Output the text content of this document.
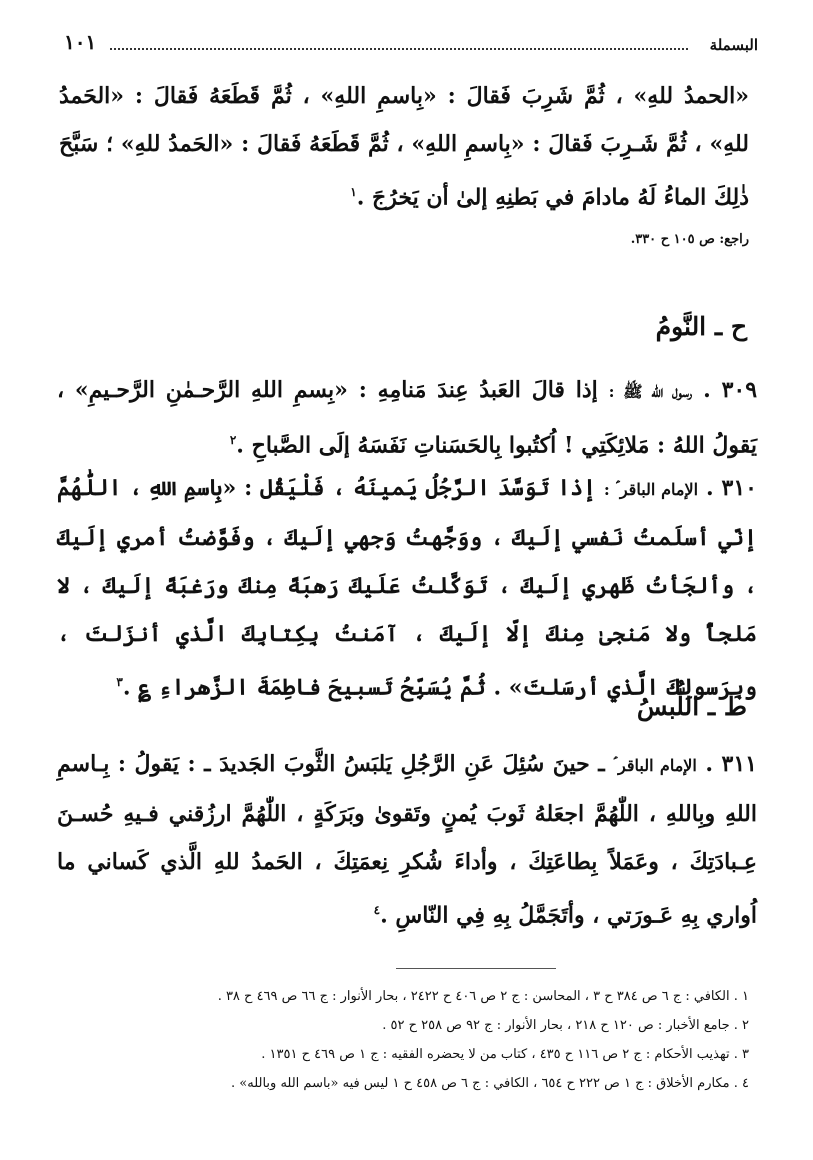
البسملة
١٠١
«الحمدُ للهِ» ، ثُمَّ شَرِبَ فَقالَ : «بِاسمِ اللهِ» ، ثُمَّ قَطَعَهُ فَقالَ : «الحَمدُ للهِ» ، ثُمَّ شَـرِبَ فَقالَ : «بِاسمِ اللهِ» ، ثُمَّ قَطَعَهُ فَقالَ : «الحَمدُ للهِ» ؛ سَبَّحَ ذٰلِكَ الماءُ لَهُ مادامَ في بَطنِهِ إلىٰ أن يَخرُجَ .$^١$
راجع: ص ١٠٥ ح ٣٣٠.
ح ـ النَّومُ
٣٠٩ . رسول الله ﷺ : إذا قالَ العَبدُ عِندَ مَنامِهِ : «بِسمِ اللهِ الرَّحـمٰنِ الرَّحـيمِ» ، يَقولُ اللهُ : مَلائِكَتِي ! اُكتُبوا بِالحَسَناتِ نَفَسَهُ إلَى الصَّباحِ .$^٢$
٣١٠ . الإمام الباقر ؑ : إذا تَوَسَّدَ الرَّجُلُ يَمينَهُ ، فَلْيَقُل : «بِاسمِ اللهِ ، اللّٰهُمَّ إنّي أسلَمتُ نَفسي إلَيكَ ، ووَجَّهتُ وَجهي إلَيكَ ، وفَوَّضتُ أمري إلَيكَ ، وألجَأتُ ظَهري إلَيكَ ، تَوَكَّلتُ عَلَيكَ رَهبَةً مِنكَ ورَغبَةً إلَيكَ ، لا مَلجأً ولا مَنجىٰ مِنكَ إلّا إلَيكَ ، آمَنتُ بِكِتابِكَ الَّذي أنزَلتَ ، وبِرَسولِكَ الَّذي أرسَلتَ» . ثُمَّ يُسَبِّحُ تَسبيحَ فاطِمَةَ الزَّهراءِ ؏ .$^٣$
ط ـ اللُّبسُ
٣١١ . الإمام الباقر ؑ ـ حينَ سُئِلَ عَنِ الرَّجُلِ يَلبَسُ الثَّوبَ الجَديدَ ـ : يَقولُ : بِـاسمِ اللهِ وبِاللهِ ، اللّٰهُمَّ اجعَلهُ ثَوبَ يُمنٍ وتَقوىٰ وبَرَكَةٍ ، اللّٰهُمَّ ارزُقني فـيهِ حُسـنَ عِـبادَتِكَ ، وعَمَلاً بِطاعَتِكَ ، وأداءَ شُكرِ نِعمَتِكَ ، الحَمدُ للهِ الَّذي كَساني ما اُواري بِهِ عَـورَتي ، وأتَجَمَّلُ بِهِ فِي النّاسِ .$^٤$
١ . الكافي : ج ٦ ص ٣٨٤ ح ٣ ، المحاسن : ج ٢ ص ٤٠٦ ح ٢٤٢٢ ، بحار الأنوار : ج ٦٦ ص ٤٦٩ ح ٣٨ .
٢ . جامع الأخبار : ص ١٢٠ ح ٢١٨ ، بحار الأنوار : ج ٩٢ ص ٢٥٨ ح ٥٢ .
٣ . تهذيب الأحكام : ج ٢ ص ١١٦ ح ٤٣٥ ، كتاب من لا يحضره الفقيه : ج ١ ص ٤٦٩ ح ١٣٥١ .
٤ . مكارم الأخلاق : ج ١ ص ٢٢٢ ح ٦٥٤ ، الكافي : ج ٦ ص ٤٥٨ ح ١ ليس فيه «باسم الله وبالله» .
